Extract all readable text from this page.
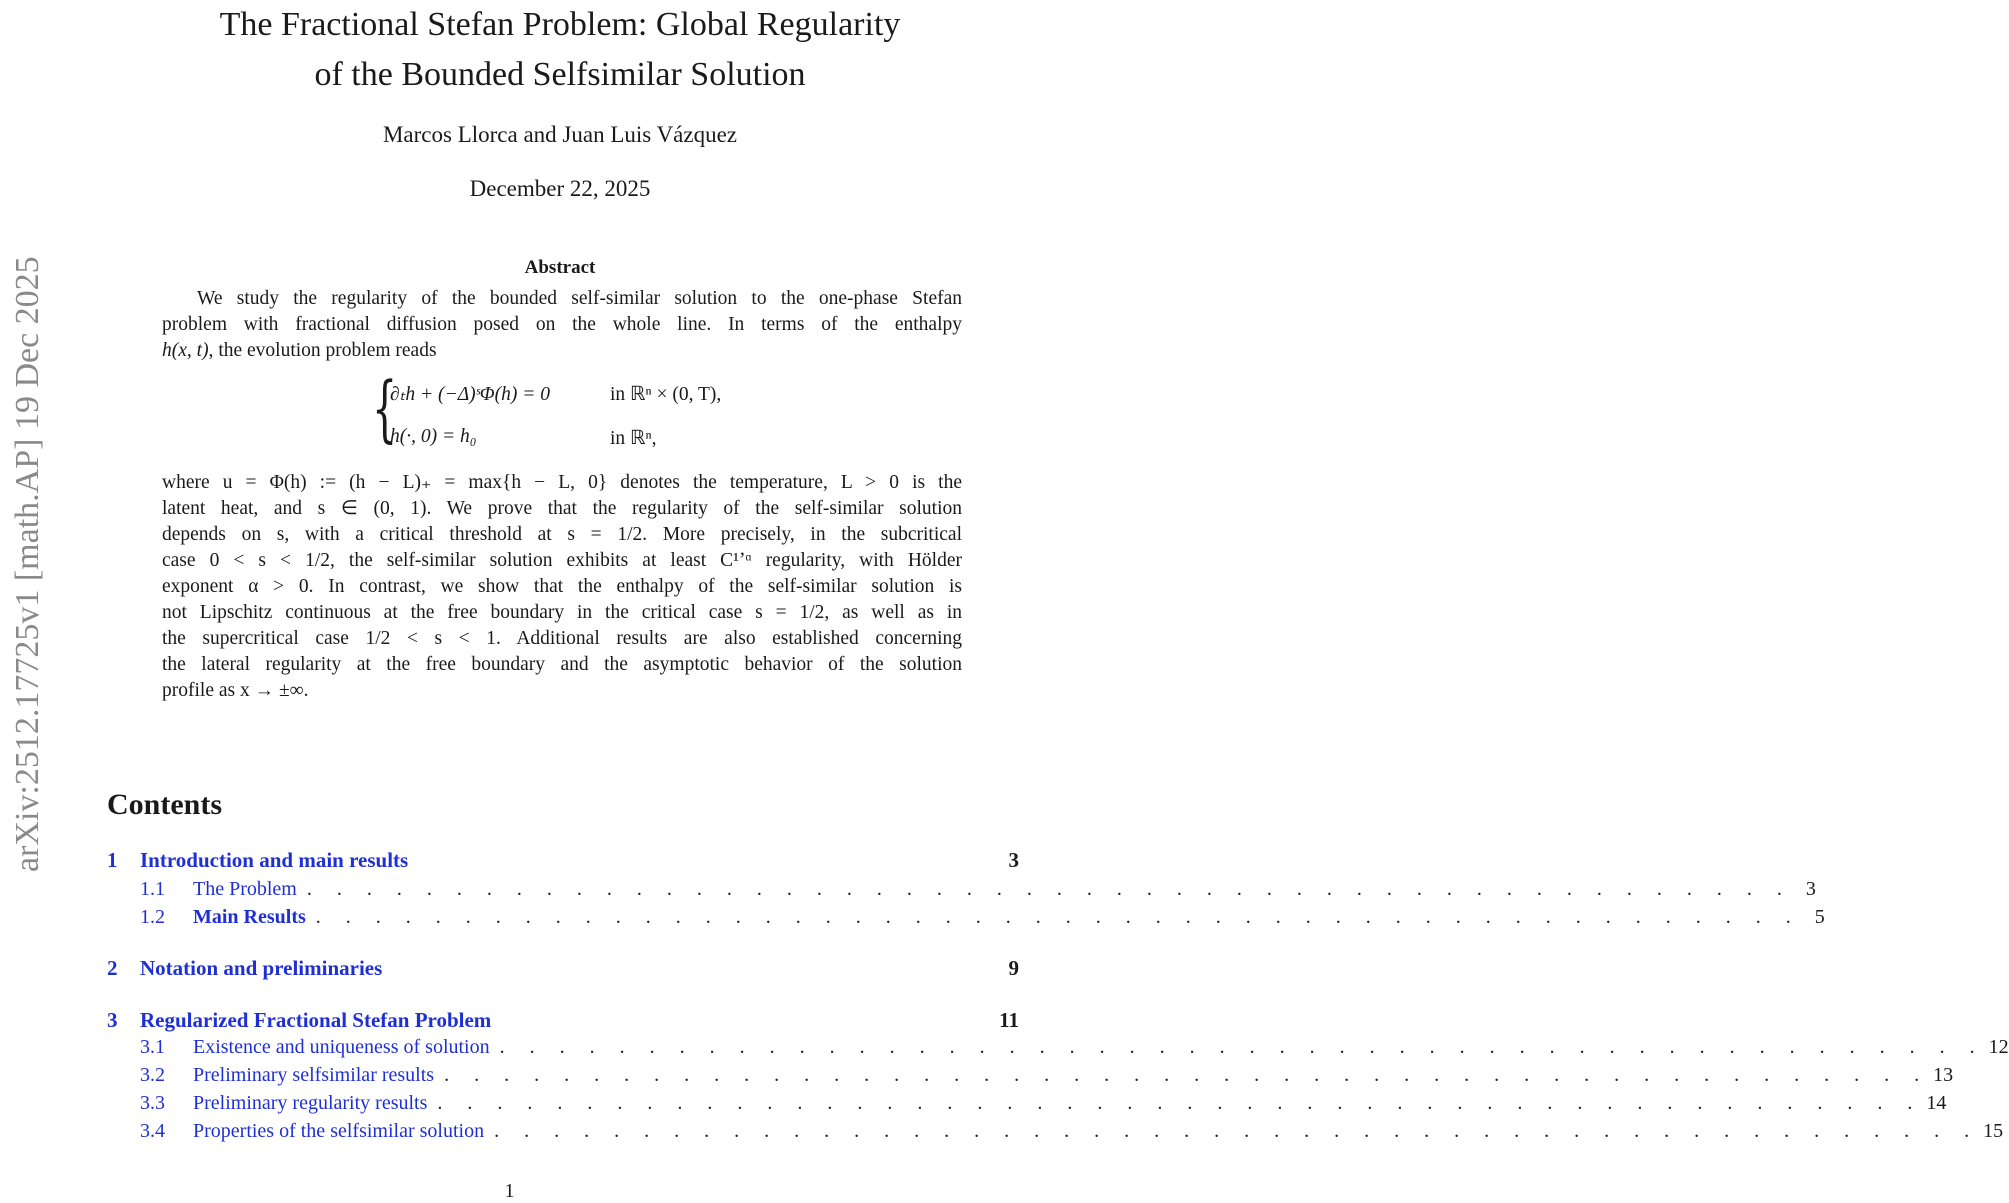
arXiv:2512.17725v1 [math.AP] 19 Dec 2025
The Fractional Stefan Problem: Global Regularity
of the Bounded Selfsimilar Solution
Marcos Llorca and Juan Luis Vázquez
December 22, 2025
Abstract
We study the regularity of the bounded self-similar solution to the one-phase Stefan
problem with fractional diffusion posed on the whole line. In terms of the enthalpy
h(x, t), the evolution problem reads
{
∂ₜh + (−Δ)ˢΦ(h) = 0	in ℝⁿ × (0, T),
h(·, 0) = h₀	in ℝⁿ,
where u = Φ(h) := (h − L)₊ = max{h − L, 0} denotes the temperature, L > 0 is the
latent heat, and s ∈ (0, 1). We prove that the regularity of the self-similar solution
depends on s, with a critical threshold at s = 1/2. More precisely, in the subcritical
case 0 < s < 1/2, the self-similar solution exhibits at least C¹ʼᵅ regularity, with Hölder
exponent α > 0. In contrast, we show that the enthalpy of the self-similar solution is
not Lipschitz continuous at the free boundary in the critical case s = 1/2, as well as in
the supercritical case 1/2 < s < 1. Additional results are also established concerning
the lateral regularity at the free boundary and the asymptotic behavior of the solution
profile as x → ±∞.
Contents
1	Introduction and main results	3
1.1	The Problem . . . . . . . . . . . . . . . . . . . . . . . . . . . . . . . . . . . . . . . . . . . . . . . . . . 3
1.2	Main Results . . . . . . . . . . . . . . . . . . . . . . . . . . . . . . . . . . . . . . . . . . . . . . . . . . 5
2	Notation and preliminaries	9
3	Regularized Fractional Stefan Problem	11
3.1	Existence and uniqueness of solution . . . . . . . . . . . . . . . . . . . . . . . . . . . . . . . . . . . . . . . . . . . . . . . . . . 12
3.2	Preliminary selfsimilar results . . . . . . . . . . . . . . . . . . . . . . . . . . . . . . . . . . . . . . . . . . . . . . . . . . 13
3.3	Preliminary regularity results . . . . . . . . . . . . . . . . . . . . . . . . . . . . . . . . . . . . . . . . . . . . . . . . . . 14
3.4	Properties of the selfsimilar solution . . . . . . . . . . . . . . . . . . . . . . . . . . . . . . . . . . . . . . . . . . . . . . . . . . 15
1
